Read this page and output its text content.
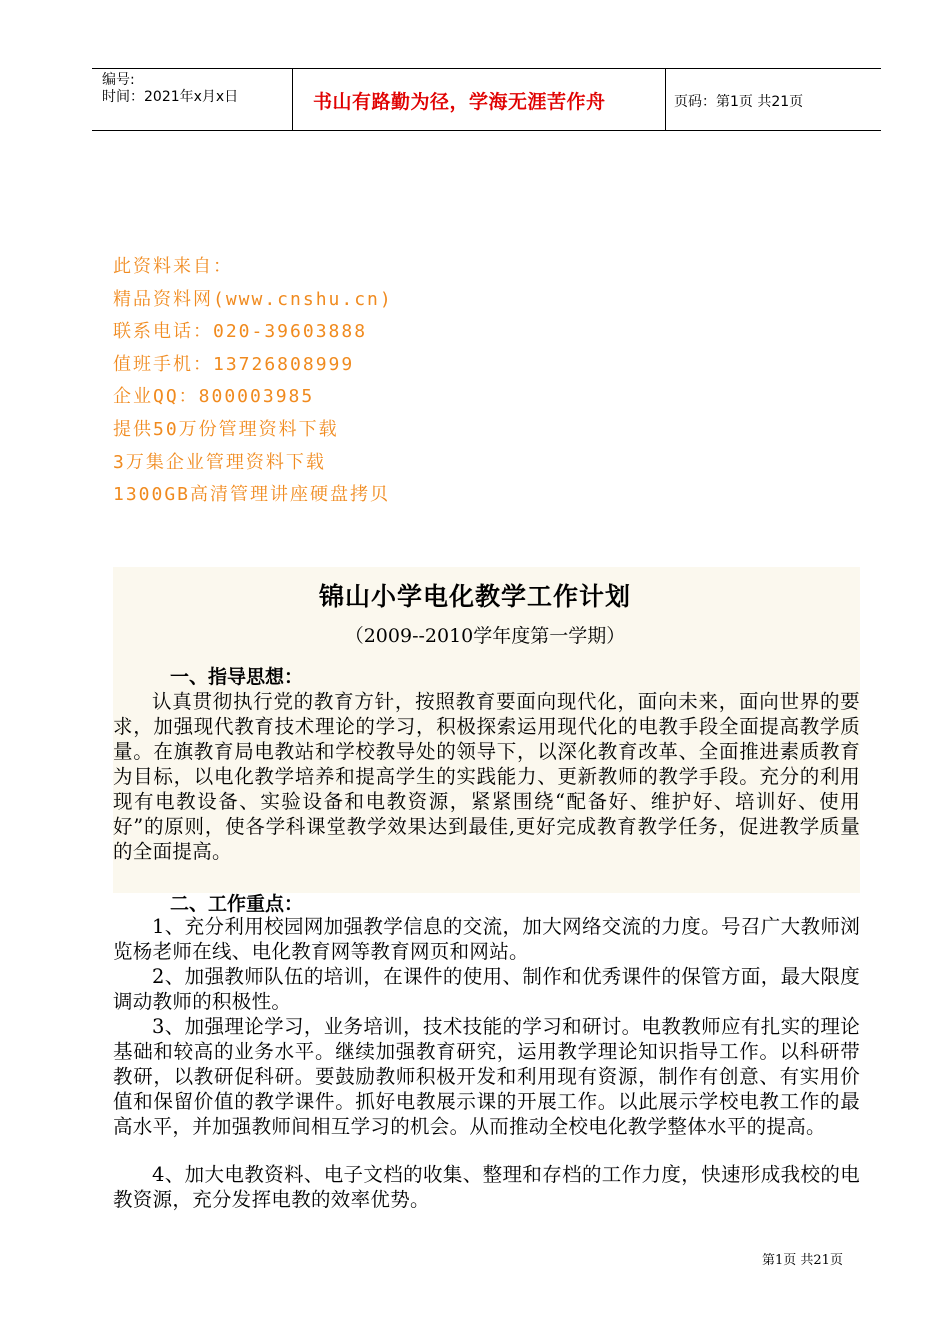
编号:
时间：2021年x月x日	书山有路勤为径，学海无涯苦作舟	页码：第1页 共21页
此资料来自：
精品资料网(www.cnshu.cn)
联系电话：020-39603888
值班手机：13726808999
企业QQ：800003985
提供50万份管理资料下载
3万集企业管理资料下载
1300GB高清管理讲座硬盘拷贝
锦山小学电化教学工作计划
（2009--2010学年度第一学期）
一、指导思想：
认真贯彻执行党的教育方针，按照教育要面向现代化，面向未来，面向世界的要求，加强现代教育技术理论的学习，积极探索运用现代化的电教手段全面提高教学质量。在旗教育局电教站和学校教导处的领导下，以深化教育改革、全面推进素质教育为目标，以电化教学培养和提高学生的实践能力、更新教师的教学手段。充分的利用现有电教设备、实验设备和电教资源，紧紧围绕“配备好、维护好、培训好、使用好”的原则，使各学科课堂教学效果达到最佳,更好完成教育教学任务，促进教学质量的全面提高。
二、工作重点：
1、充分利用校园网加强教学信息的交流，加大网络交流的力度。号召广大教师浏览杨老师在线、电化教育网等教育网页和网站。
2、加强教师队伍的培训，在课件的使用、制作和优秀课件的保管方面，最大限度调动教师的积极性。
3、加强理论学习，业务培训，技术技能的学习和研讨。电教教师应有扎实的理论基础和较高的业务水平。继续加强教育研究，运用教学理论知识指导工作。以科研带教研，以教研促科研。要鼓励教师积极开发和利用现有资源，制作有创意、有实用价值和保留价值的教学课件。抓好电教展示课的开展工作。以此展示学校电教工作的最高水平，并加强教师间相互学习的机会。从而推动全校电化教学整体水平的提高。
4、加大电教资料、电子文档的收集、整理和存档的工作力度，快速形成我校的电教资源，充分发挥电教的效率优势。
第1页 共21页
